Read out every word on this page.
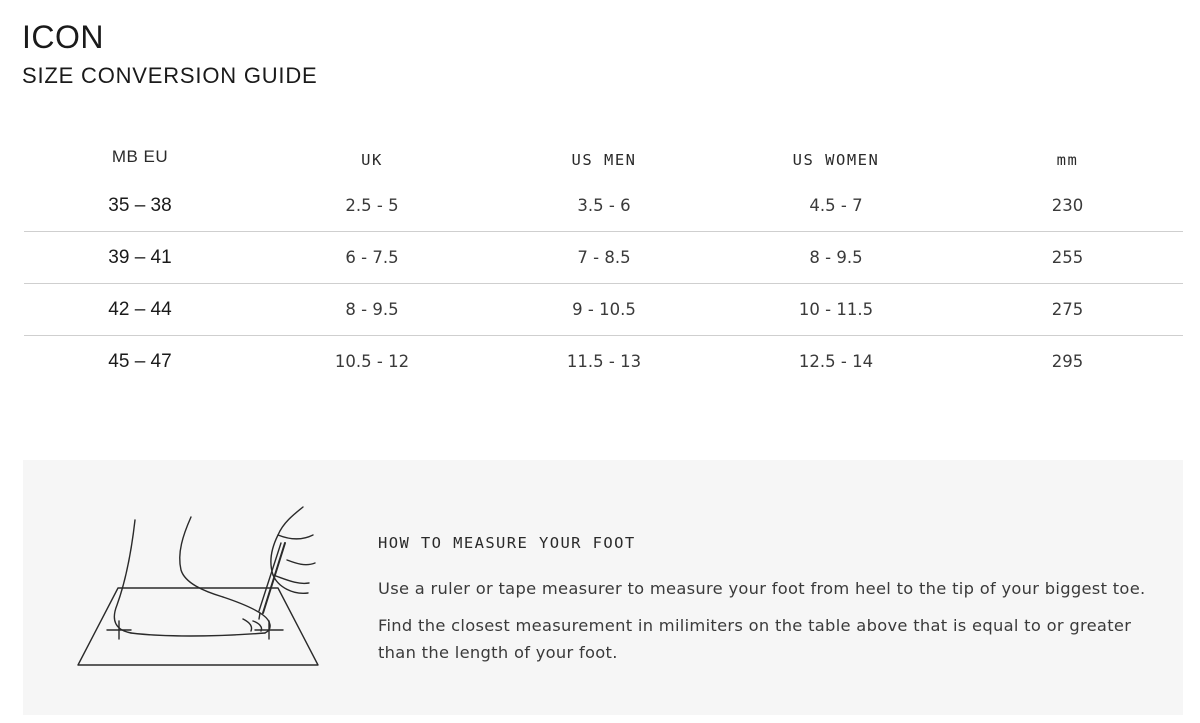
ICON
SIZE CONVERSION GUIDE
MB EU	UK	US MEN	US WOMEN	mm
35 – 38	2.5 - 5	3.5 - 6	4.5 - 7	230
39 – 41	6 - 7.5	7 - 8.5	8 - 9.5	255
42 – 44	8 - 9.5	9 - 10.5	10 - 11.5	275
45 – 47	10.5 - 12	11.5 - 13	12.5 - 14	295

HOW TO MEASURE YOUR FOOT

Use a ruler or tape measurer to measure your foot from heel to the tip of your biggest toe.

Find the closest measurement in milimiters on the table above that is equal to or greater than the length of your foot.
